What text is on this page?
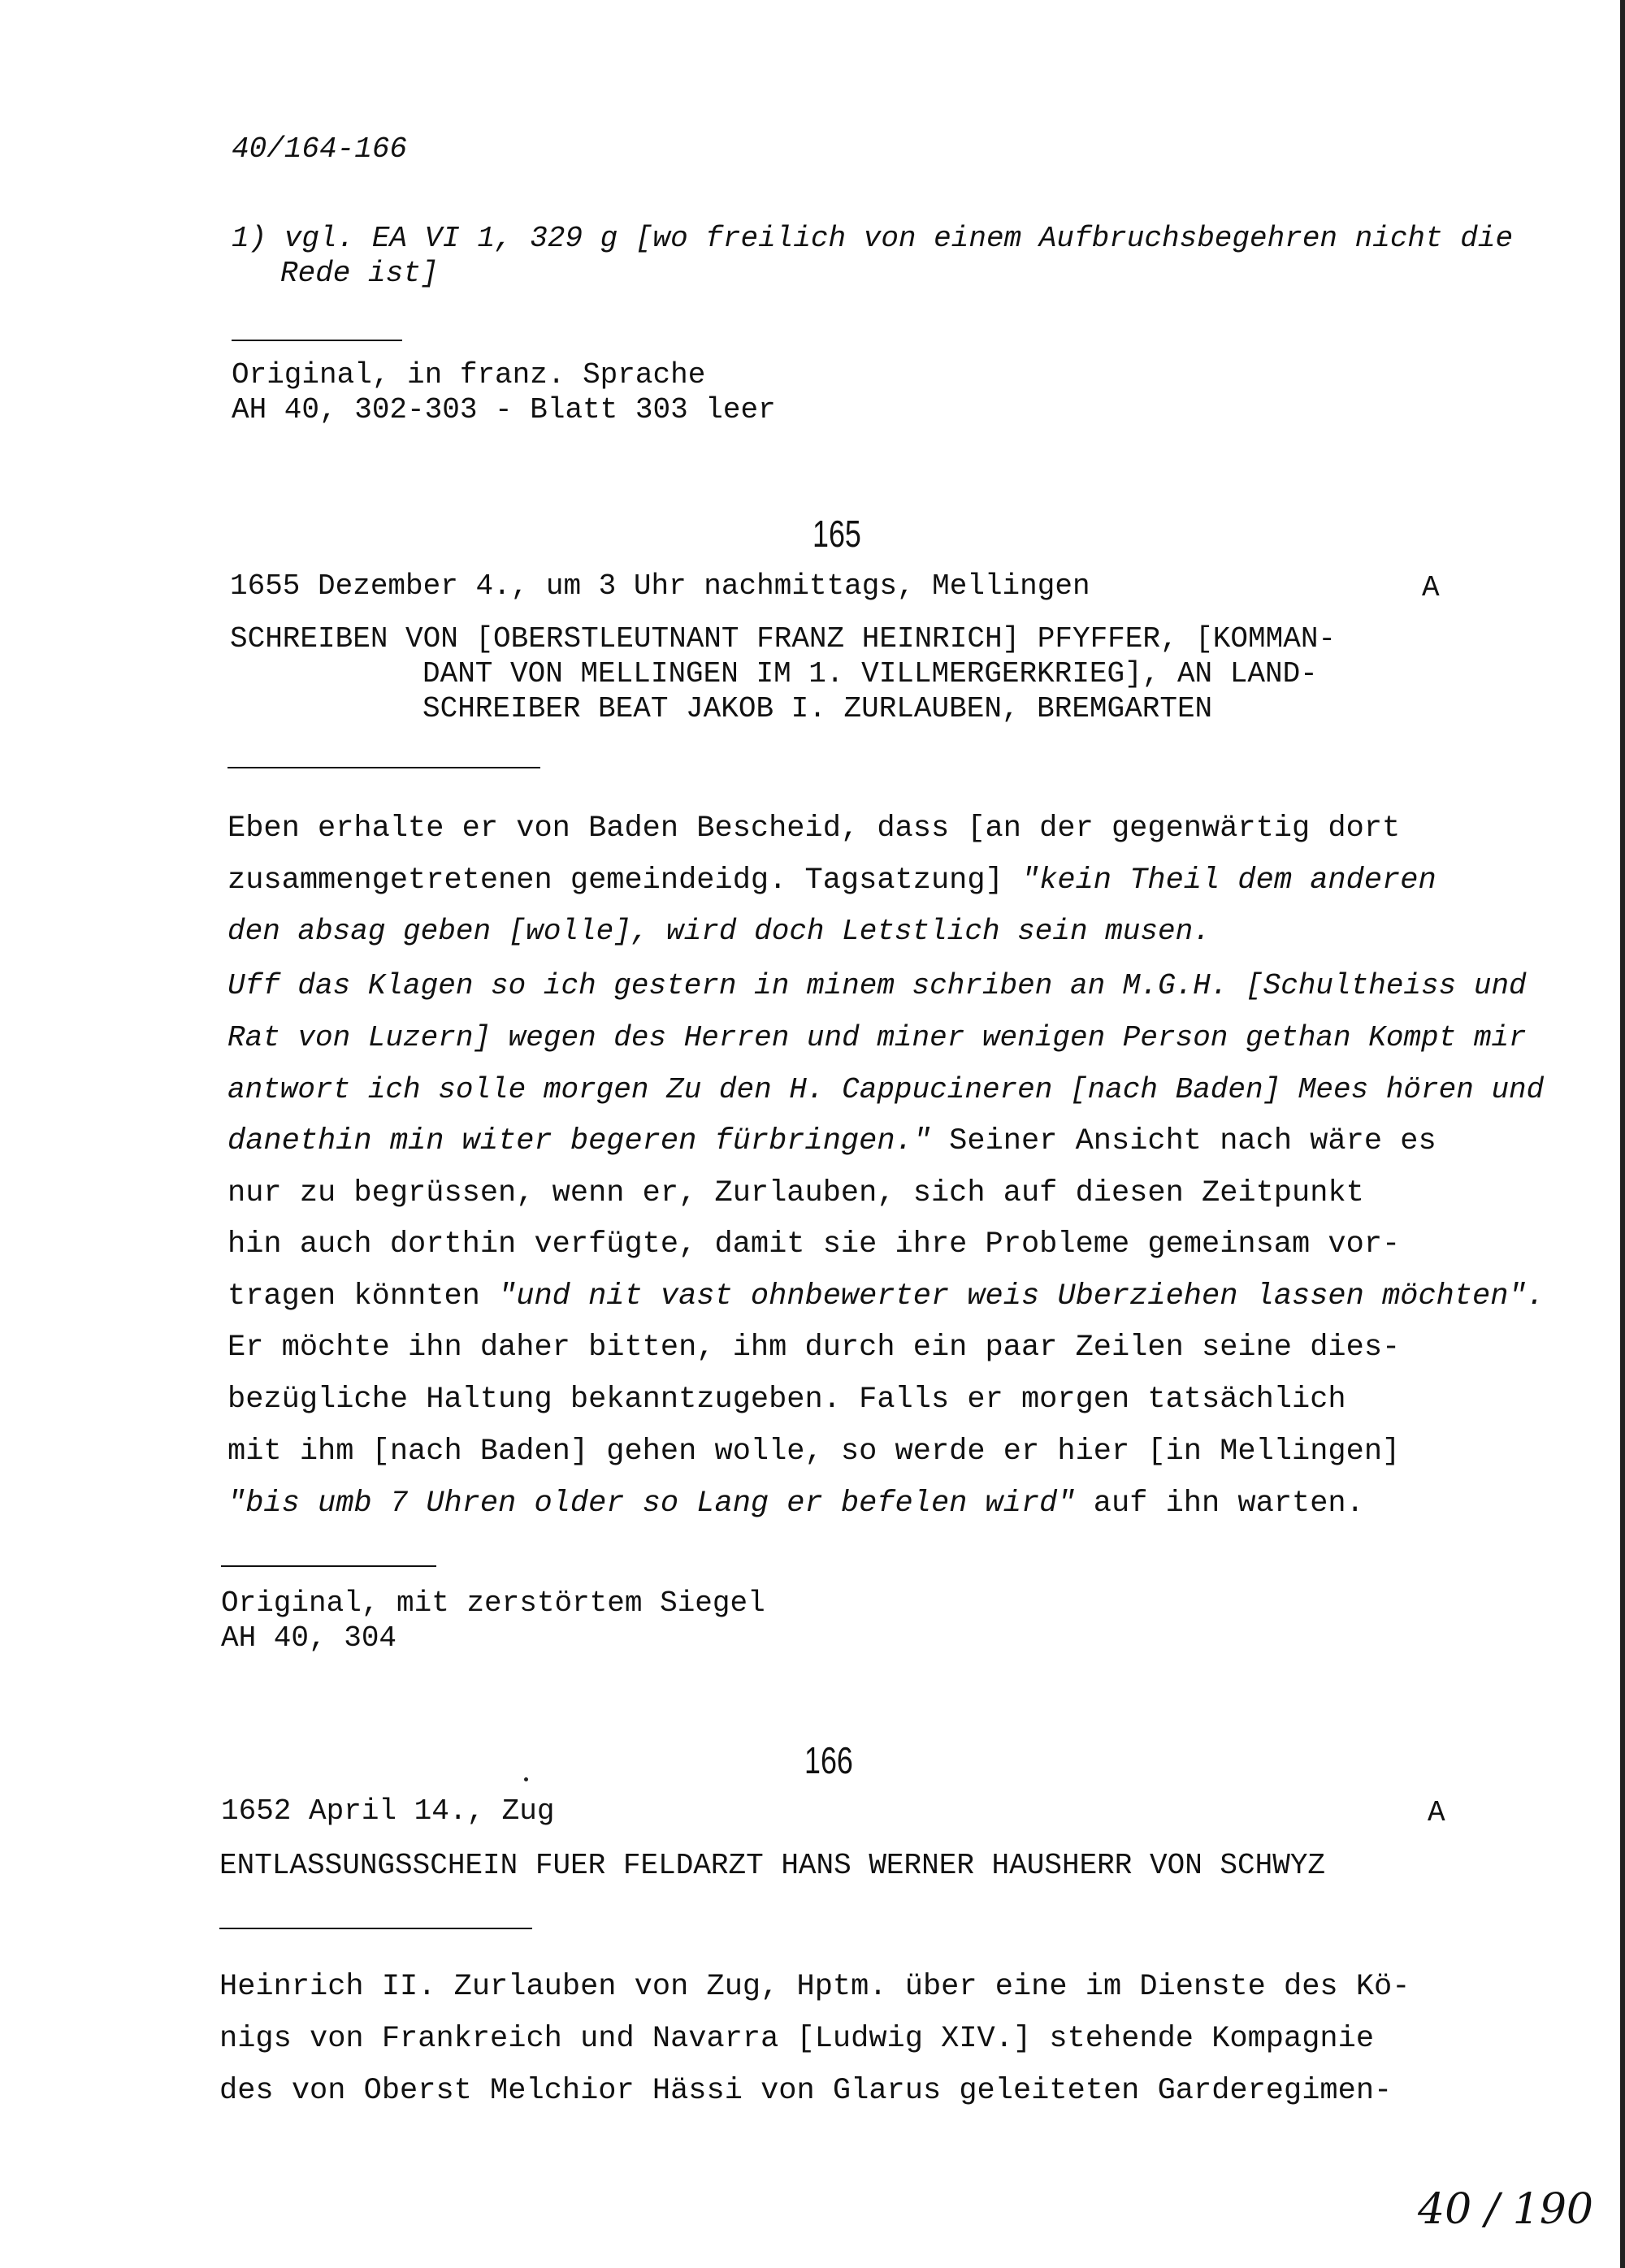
40/164-166
1) vgl. EA VI 1, 329 g [wo freilich von einem Aufbruchsbegehren nicht die
Rede ist]
Original, in franz. Sprache
AH 40, 302-303 - Blatt 303 leer
165
1655 Dezember 4., um 3 Uhr nachmittags, Mellingen	A
SCHREIBEN VON [OBERSTLEUTNANT FRANZ HEINRICH] PFYFFER, [KOMMAN-
DANT VON MELLINGEN IM 1. VILLMERGERKRIEG], AN LAND-
SCHREIBER BEAT JAKOB I. ZURLAUBEN, BREMGARTEN
Eben erhalte er von Baden Bescheid, dass [an der gegenwärtig dort
zusammengetretenen gemeindeidg. Tagsatzung] "kein Theil dem anderen
den absag geben [wolle], wird doch Letstlich sein musen.
Uff das Klagen so ich gestern in minem schriben an M.G.H. [Schultheiss und
Rat von Luzern] wegen des Herren und miner wenigen Person gethan Kompt mir
antwort ich solle morgen Zu den H. Cappucineren [nach Baden] Mees hören und
danethin min witer begeren fürbringen." Seiner Ansicht nach wäre es
nur zu begrüssen, wenn er, Zurlauben, sich auf diesen Zeitpunkt
hin auch dorthin verfügte, damit sie ihre Probleme gemeinsam vor-
tragen könnten "und nit vast ohnbewerter weis Uberziehen lassen möchten".
Er möchte ihn daher bitten, ihm durch ein paar Zeilen seine dies-
bezügliche Haltung bekanntzugeben. Falls er morgen tatsächlich
mit ihm [nach Baden] gehen wolle, so werde er hier [in Mellingen]
"bis umb 7 Uhren older so Lang er befelen wird" auf ihn warten.
Original, mit zerstörtem Siegel
AH 40, 304
166
1652 April 14., Zug	A
ENTLASSUNGSSCHEIN FUER FELDARZT HANS WERNER HAUSHERR VON SCHWYZ
Heinrich II. Zurlauben von Zug, Hptm. über eine im Dienste des Kö-
nigs von Frankreich und Navarra [Ludwig XIV.] stehende Kompagnie
des von Oberst Melchior Hässi von Glarus geleiteten Garderegimen-
40 / 190
